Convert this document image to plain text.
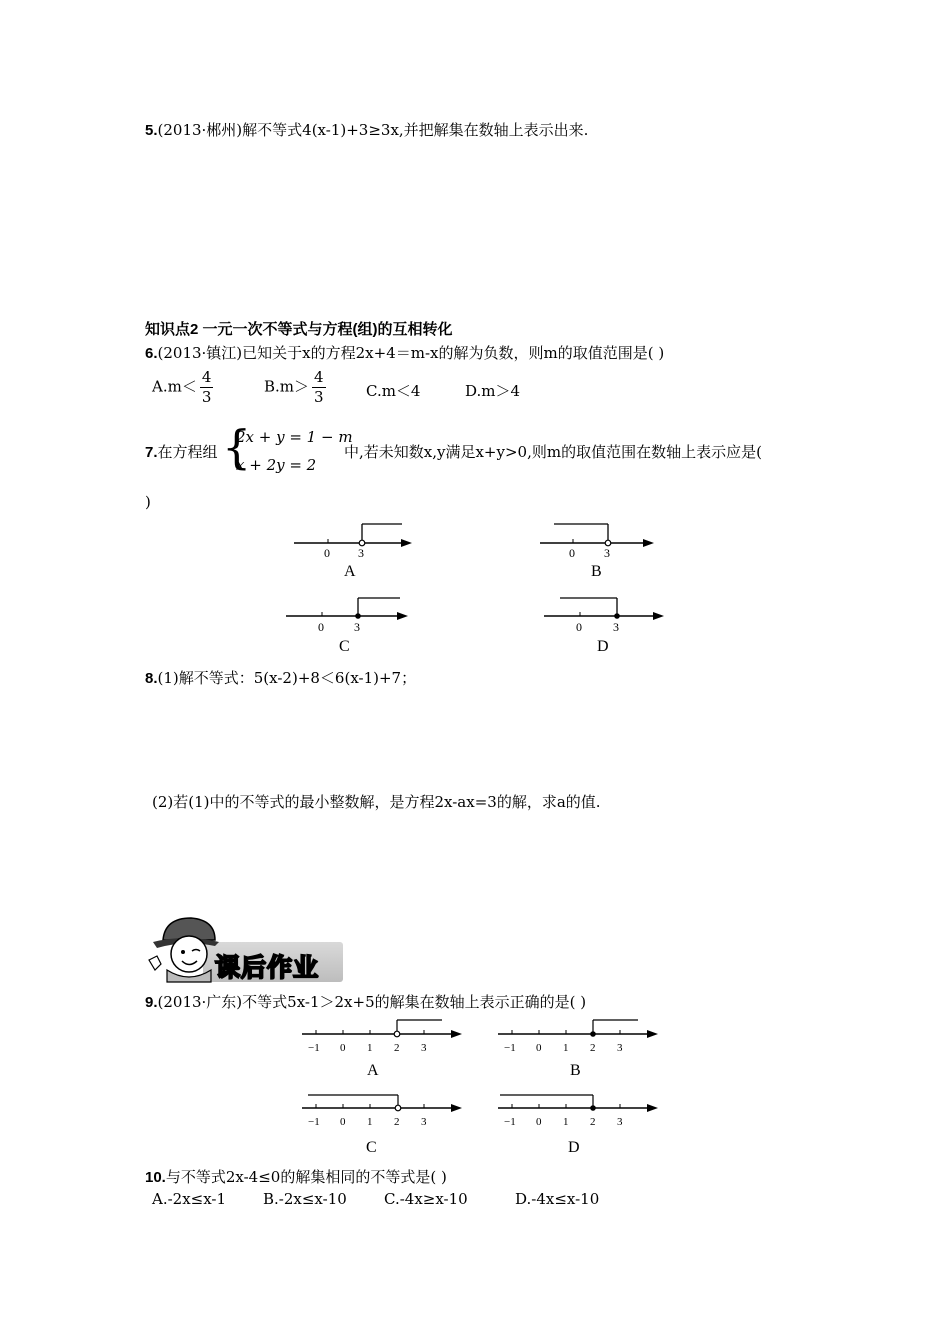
5.(2013·郴州)解不等式4(x-1)+3≥3x,并把解集在数轴上表示出来.
知识点2 一元一次不等式与方程(组)的互相转化
6.(2013·镇江)已知关于x的方程2x+4＝m-x的解为负数，则m的取值范围是( )
$A.m< \frac{4}{3}$	$B.m> \frac{4}{3}$	C.m＜4	D.m＞4
7.在方程组 {
2x + y = 1 − m
x + 2y = 2
中,若未知数x,y满足x+y>0,则m的取值范围在数轴上表示应是(
)
0 3
A
0 3
B
0	3
C
0	3
D
8.(1)解不等式：5(x-2)+8＜6(x-1)+7；
(2)若(1)中的不等式的最小整数解，是方程2x-ax=3的解，求a的值.
课后作业
9.(2013·广东)不等式5x-1＞2x+5的解集在数轴上表示正确的是( )
−1 0 1 2 3
A
−1 0 1 2 3
B
−1 0 1 2 3
C
−1 0 1 2 3
D
10.与不等式2x-4≤0的解集相同的不等式是( )
A.-2x≤x-1 B.-2x≤x-10 C.-4x≥x-10	D.-4x≤x-10
